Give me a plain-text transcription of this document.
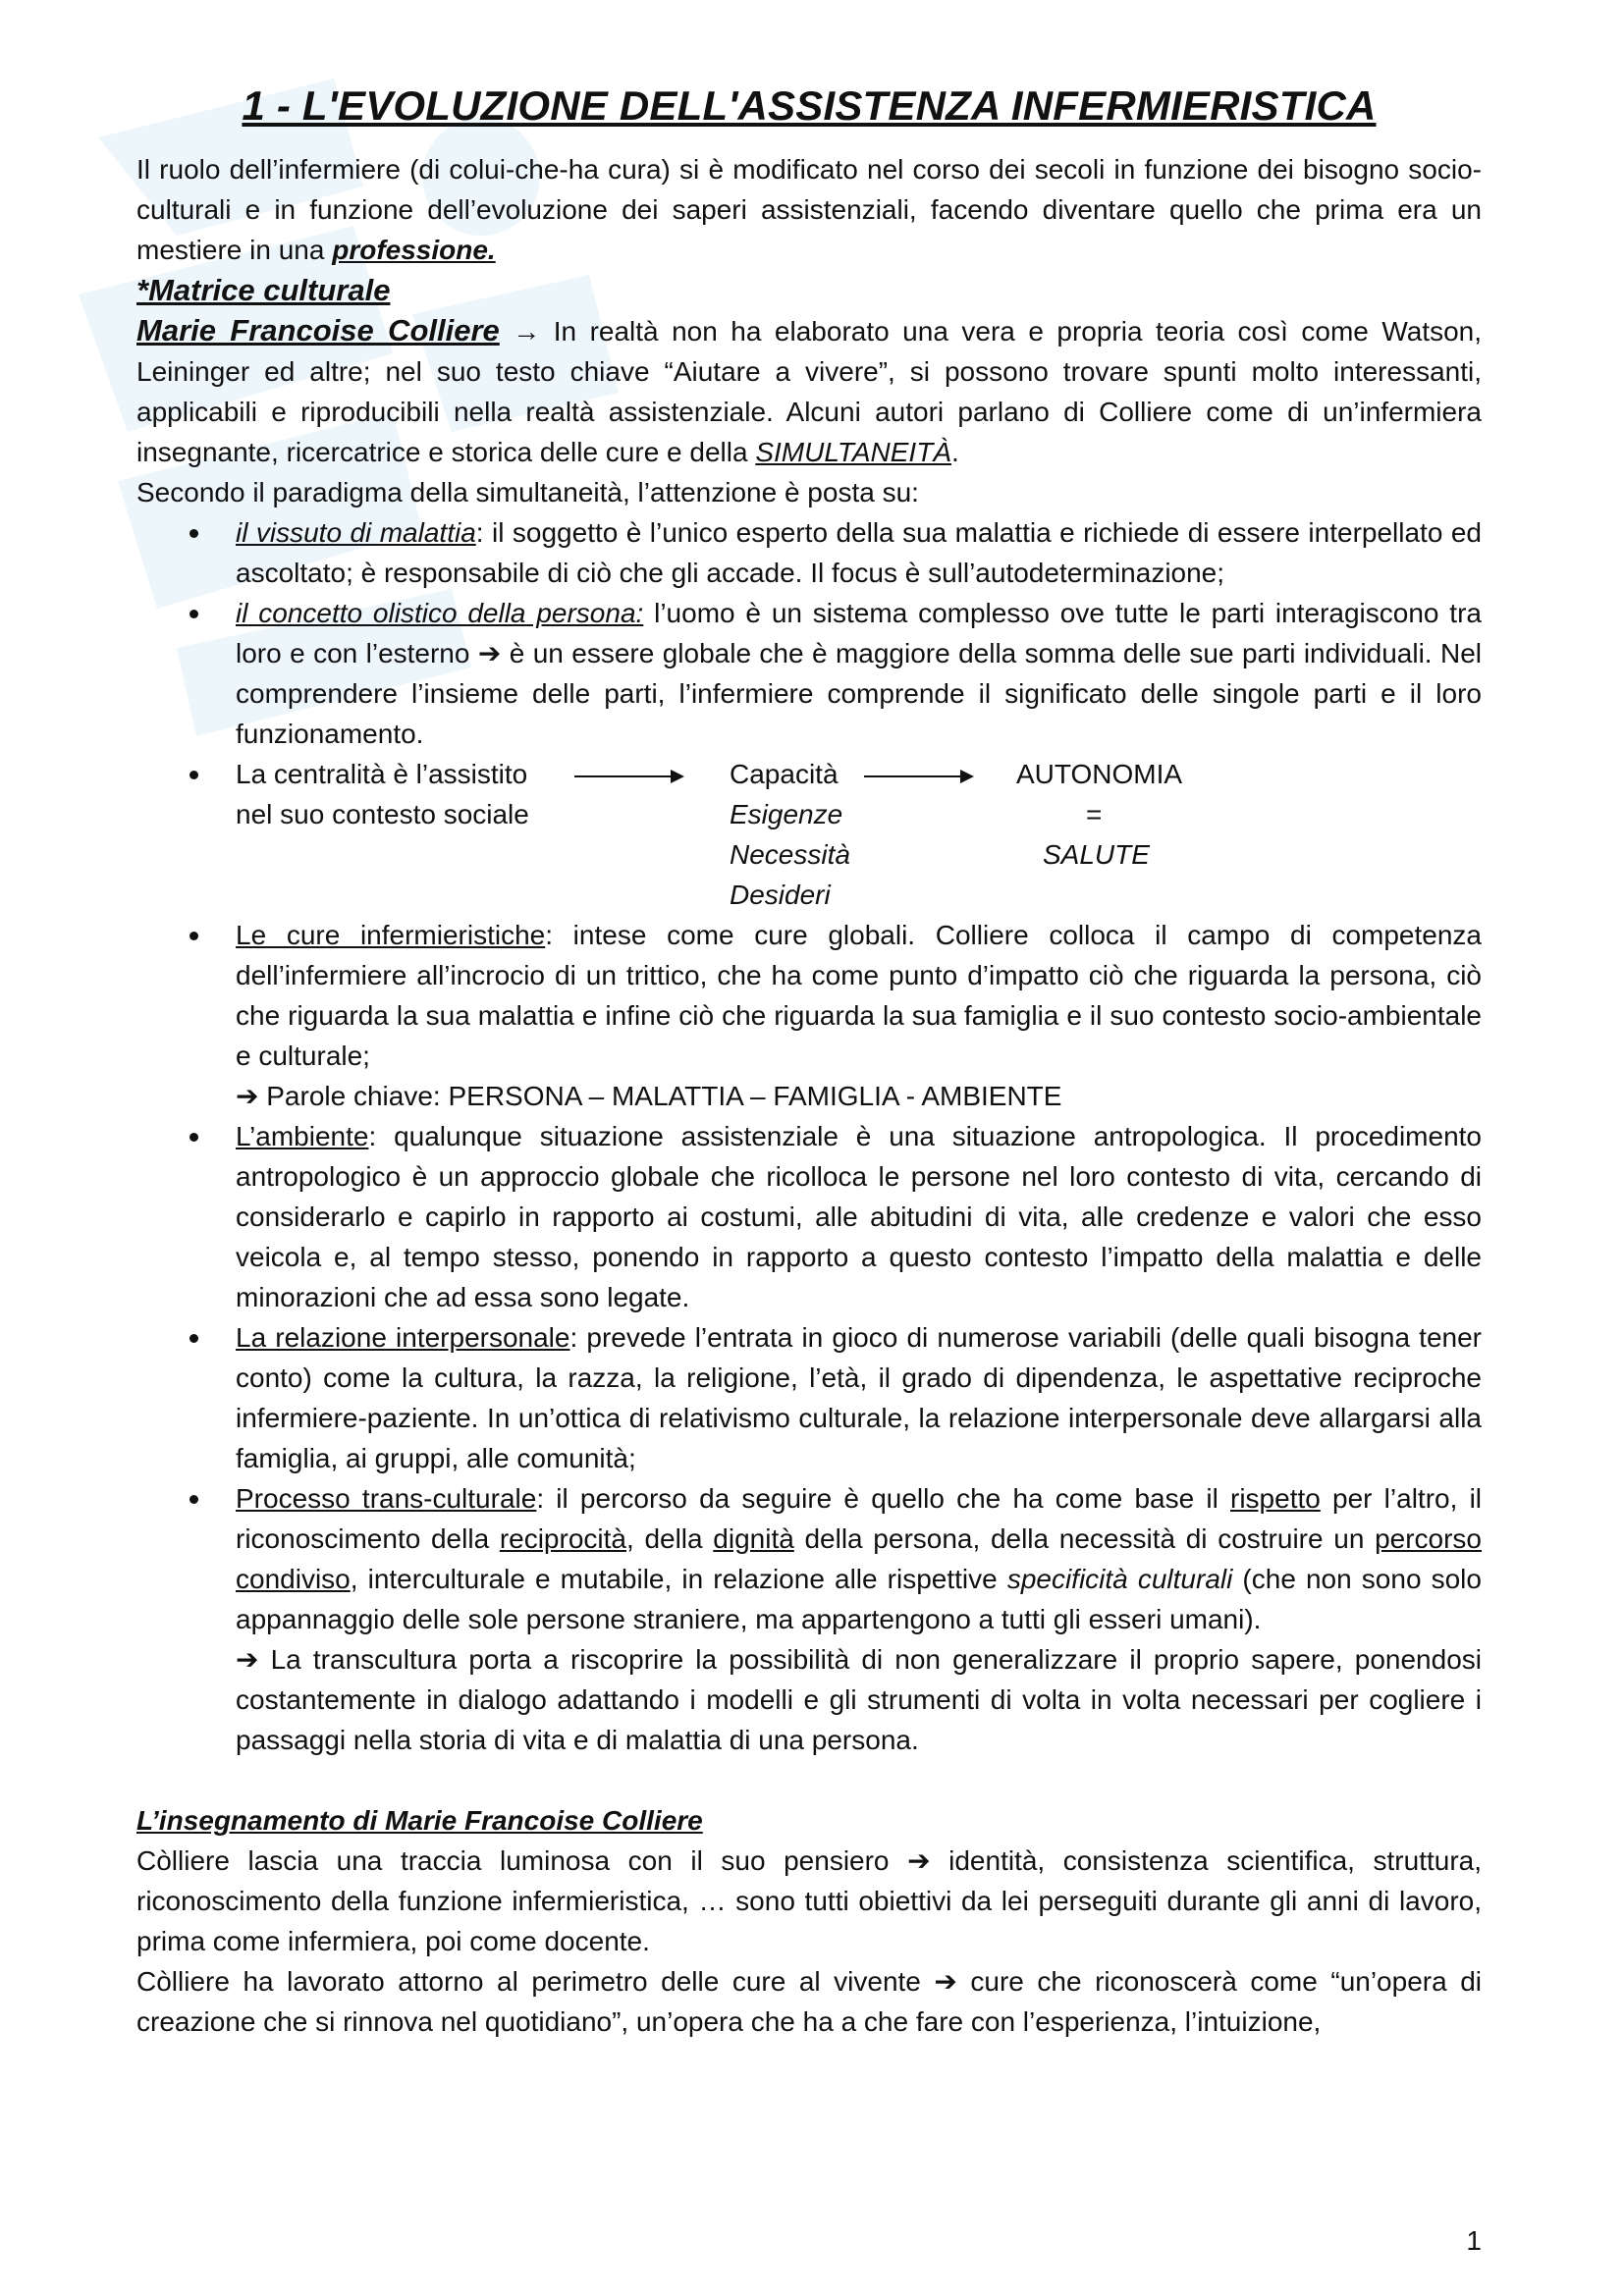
1 - L'EVOLUZIONE DELL'ASSISTENZA INFERMIERISTICA

Il ruolo dell’infermiere (di colui-che-ha cura) si è modificato nel corso dei secoli in funzione dei bisogno socio-culturali e in funzione dell’evoluzione dei saperi assistenziali, facendo diventare quello che prima era un mestiere in una professione.

*Matrice culturale

Marie Francoise Colliere → In realtà non ha elaborato una vera e propria teoria così come Watson, Leininger ed altre; nel suo testo chiave “Aiutare a vivere”, si possono trovare spunti molto interessanti, applicabili e riproducibili nella realtà assistenziale. Alcuni autori parlano di Colliere come di un’infermiera insegnante, ricercatrice e storica delle cure e della SIMULTANEITÀ.

Secondo il paradigma della simultaneità, l’attenzione è posta su:

il vissuto di malattia: il soggetto è l’unico esperto della sua malattia e richiede di essere interpellato ed ascoltato; è responsabile di ciò che gli accade. Il focus è sull’autodeterminazione;
il concetto olistico della persona: l’uomo è un sistema complesso ove tutte le parti interagiscono tra loro e con l’esterno ➔ è un essere globale che è maggiore della somma delle sue parti individuali. Nel comprendere l’insieme delle parti, l’infermiere comprende il significato delle singole parti e il loro funzionamento.
La centralità è l’assistito
nel suo contesto sociale
Capacità
Esigenze
Necessità
Desideri
AUTONOMIA
=
SALUTE
Le cure infermieristiche: intese come cure globali. Colliere colloca il campo di competenza dell’infermiere all’incrocio di un trittico, che ha come punto d’impatto ciò che riguarda la persona, ciò che riguarda la sua malattia e infine ciò che riguarda la sua famiglia e il suo contesto socio-ambientale e culturale;
➔ Parole chiave: PERSONA – MALATTIA – FAMIGLIA - AMBIENTE
L’ambiente: qualunque situazione assistenziale è una situazione antropologica. Il procedimento antropologico è un approccio globale che ricolloca le persone nel loro contesto di vita, cercando di considerarlo e capirlo in rapporto ai costumi, alle abitudini di vita, alle credenze e valori che esso veicola e, al tempo stesso, ponendo in rapporto a questo contesto l’impatto della malattia e delle minorazioni che ad essa sono legate.
La relazione interpersonale: prevede l’entrata in gioco di numerose variabili (delle quali bisogna tener conto) come la cultura, la razza, la religione, l’età, il grado di dipendenza, le aspettative reciproche infermiere-paziente. In un’ottica di relativismo culturale, la relazione interpersonale deve allargarsi alla famiglia, ai gruppi, alle comunità;
Processo trans-culturale: il percorso da seguire è quello che ha come base il rispetto per l’altro, il riconoscimento della reciprocità, della dignità della persona, della necessità di costruire un percorso condiviso, interculturale e mutabile, in relazione alle rispettive specificità culturali (che non sono solo appannaggio delle sole persone straniere, ma appartengono a tutti gli esseri umani).
➔ La transcultura porta a riscoprire la possibilità di non generalizzare il proprio sapere, ponendosi costantemente in dialogo adattando i modelli e gli strumenti di volta in volta necessari per cogliere i passaggi nella storia di vita e di malattia di una persona.

L’insegnamento di Marie Francoise Colliere

Còlliere lascia una traccia luminosa con il suo pensiero ➔ identità, consistenza scientifica, struttura, riconoscimento della funzione infermieristica, … sono tutti obiettivi da lei perseguiti durante gli anni di lavoro, prima come infermiera, poi come docente.

Còlliere ha lavorato attorno al perimetro delle cure al vivente ➔ cure che riconoscerà come “un’opera di creazione che si rinnova nel quotidiano”, un’opera che ha a che fare con l’esperienza, l’intuizione,

1
